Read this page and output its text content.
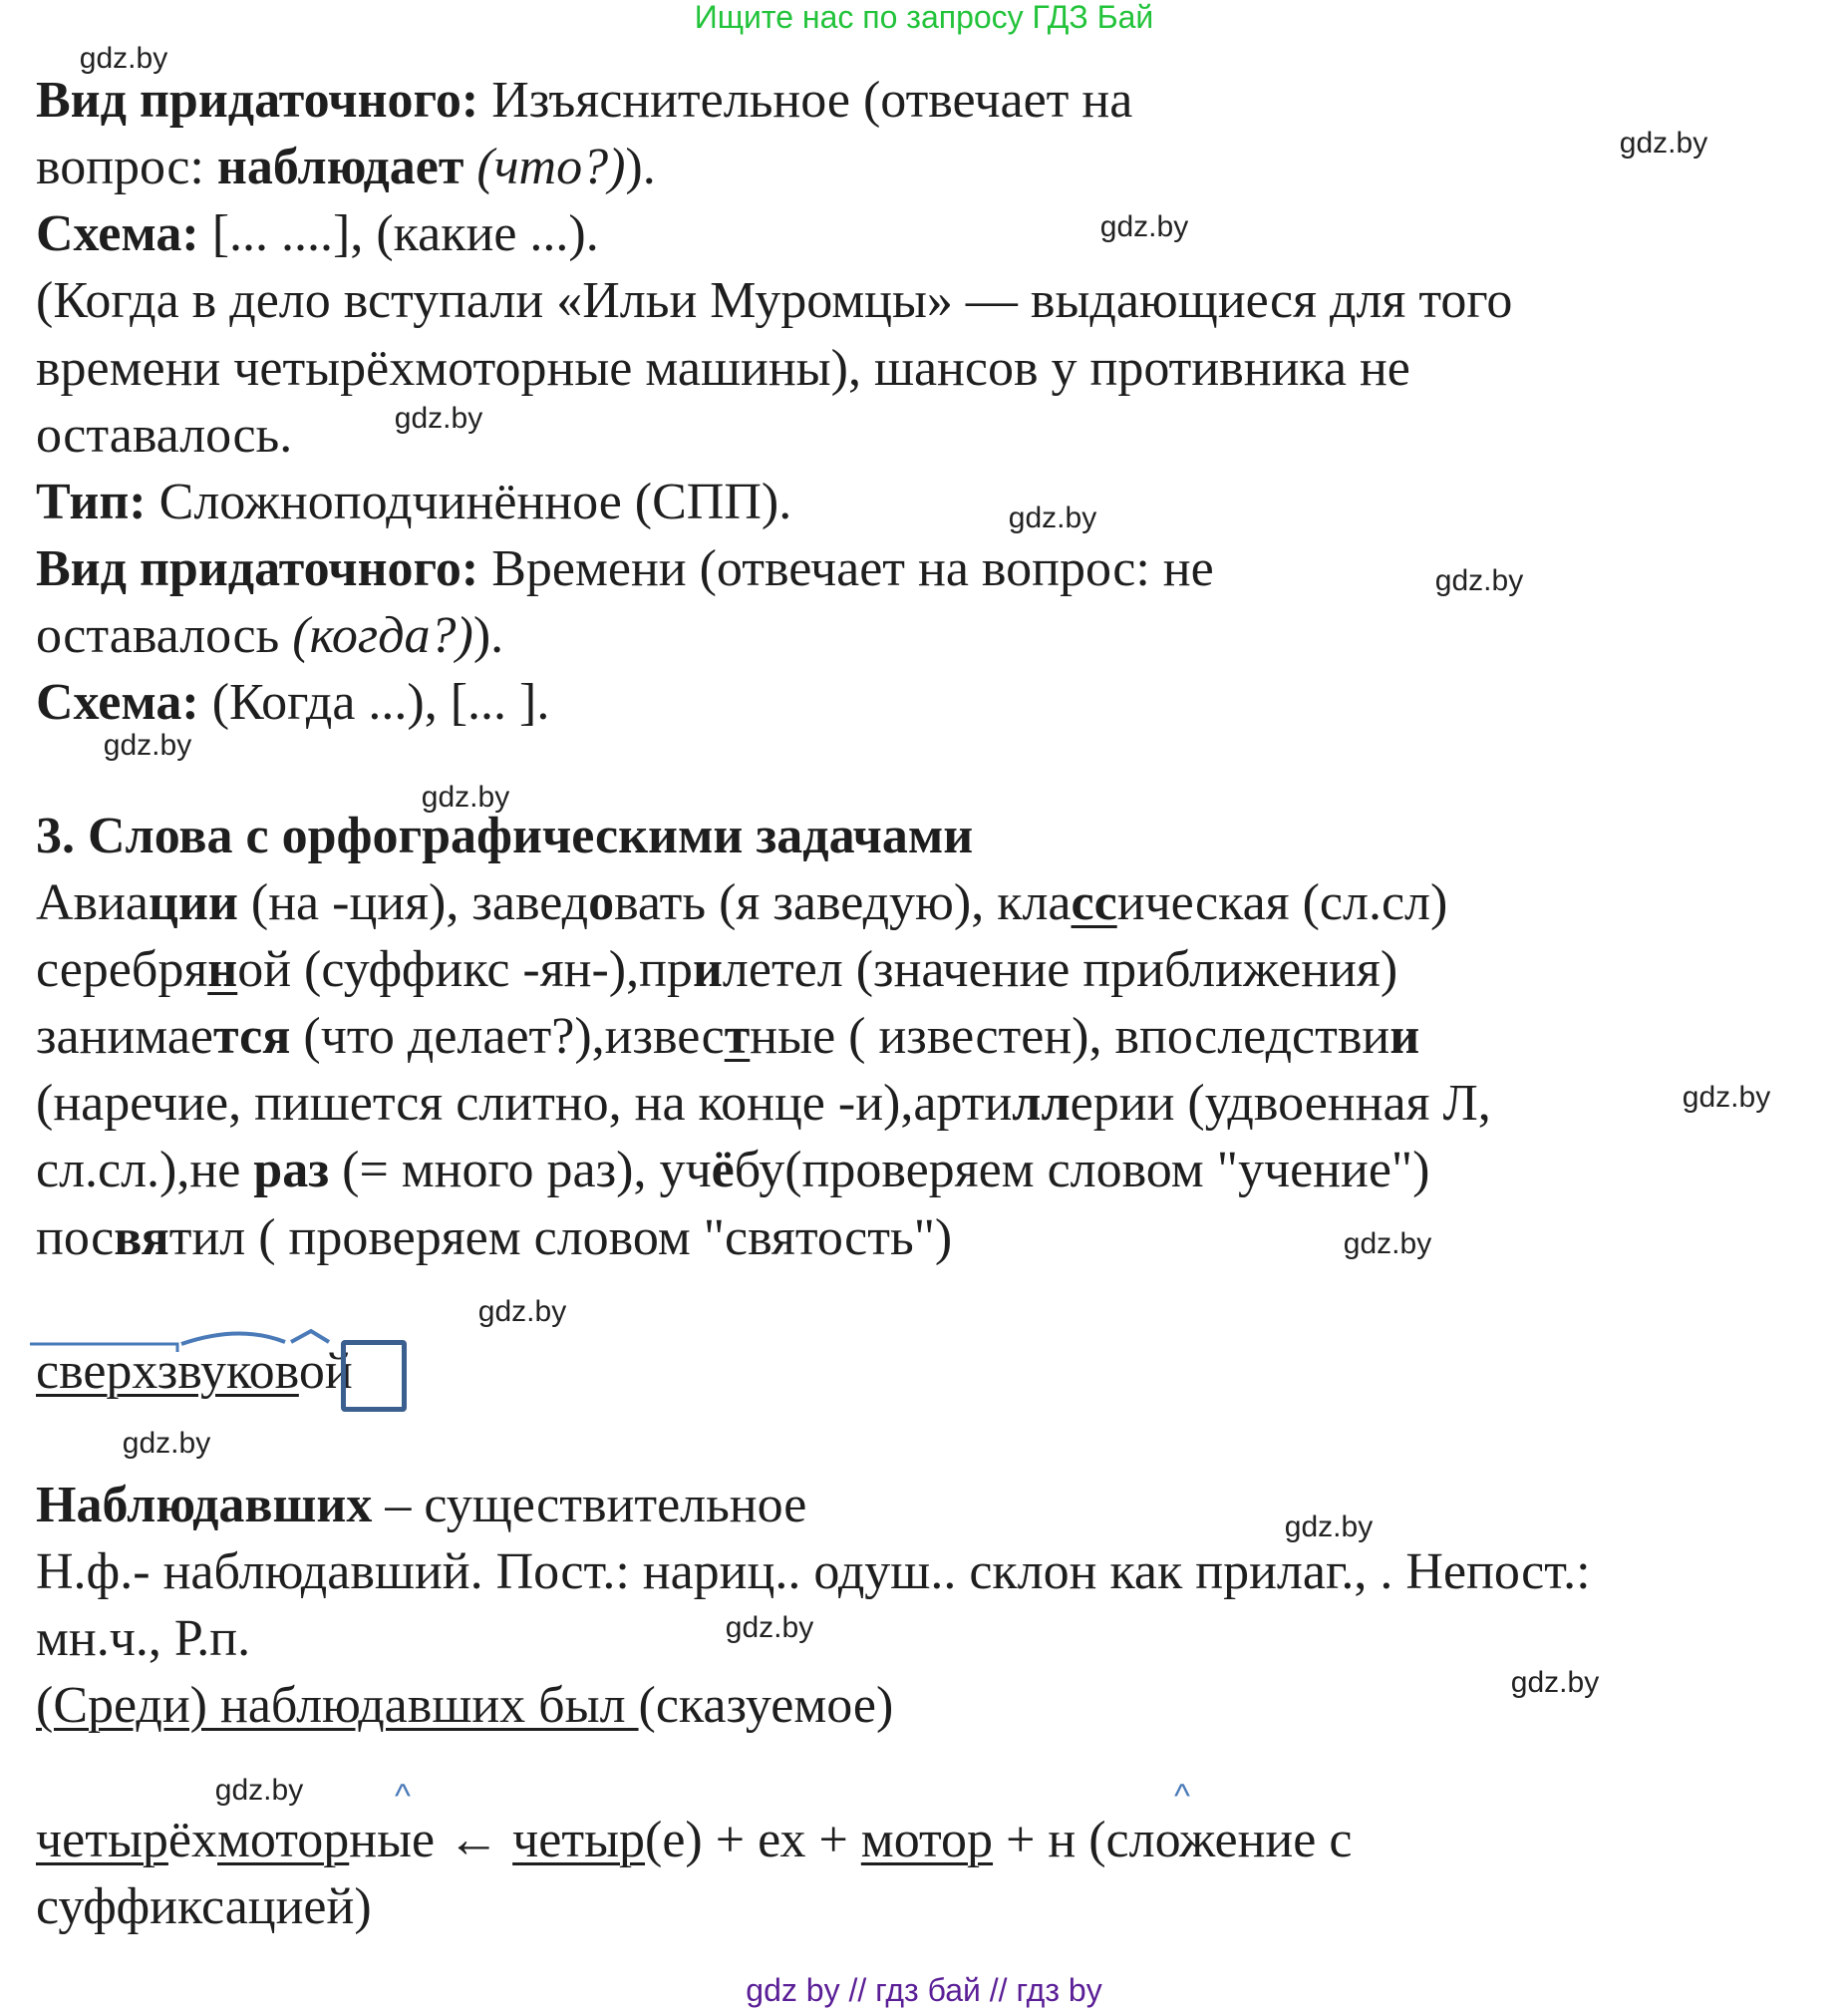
Ищите нас по запросу ГДЗ Бай
Вид придаточного: Изъяснительное (отвечает на
вопрос: наблюдает (что?)).
Схема: [... ....], (какие ...).
(Когда в дело вступали «Ильи Муромцы» — выдающиеся для того
времени четырёхмоторные машины), шансов у противника не
оставалось.
Тип: Сложноподчинённое (СПП).
Вид придаточного: Времени (отвечает на вопрос: не
оставалось (когда?)).
Схема: (Когда ...), [... ].
3. Слова с орфографическими задачами
Авиации (на -ция), заведовать (я заведую), классическая (сл.сл)
серебряной (суффикс -ян-),прилетел (значение приближения)
занимается (что делает?),известные ( известен), впоследствии
(наречие, пишется слитно, на конце -и),артиллерии (удвоенная Л,
сл.сл.),не раз (= много раз), учёбу(проверяем словом "учение")
посвятил ( проверяем словом "святость")
сверхзвуковой
Наблюдавших – существительное
Н.ф.- наблюдавший. Пост.: нариц.. одуш.. склон как прилаг., . Непост.:
мн.ч., Р.п.
(Среди) наблюдавших был (сказуемое)
четырёхмоторные ← четыр(е) + ех + мотор + н (сложение с
суффиксацией)
gdz by // гдз бай // гдз by
^	^
gdz.by
gdz.by
gdz.by
gdz.by
gdz.by
gdz.by
gdz.by
gdz.by
gdz.by
gdz.by
gdz.by
gdz.by
gdz.by
gdz.by
gdz.by
gdz.by
